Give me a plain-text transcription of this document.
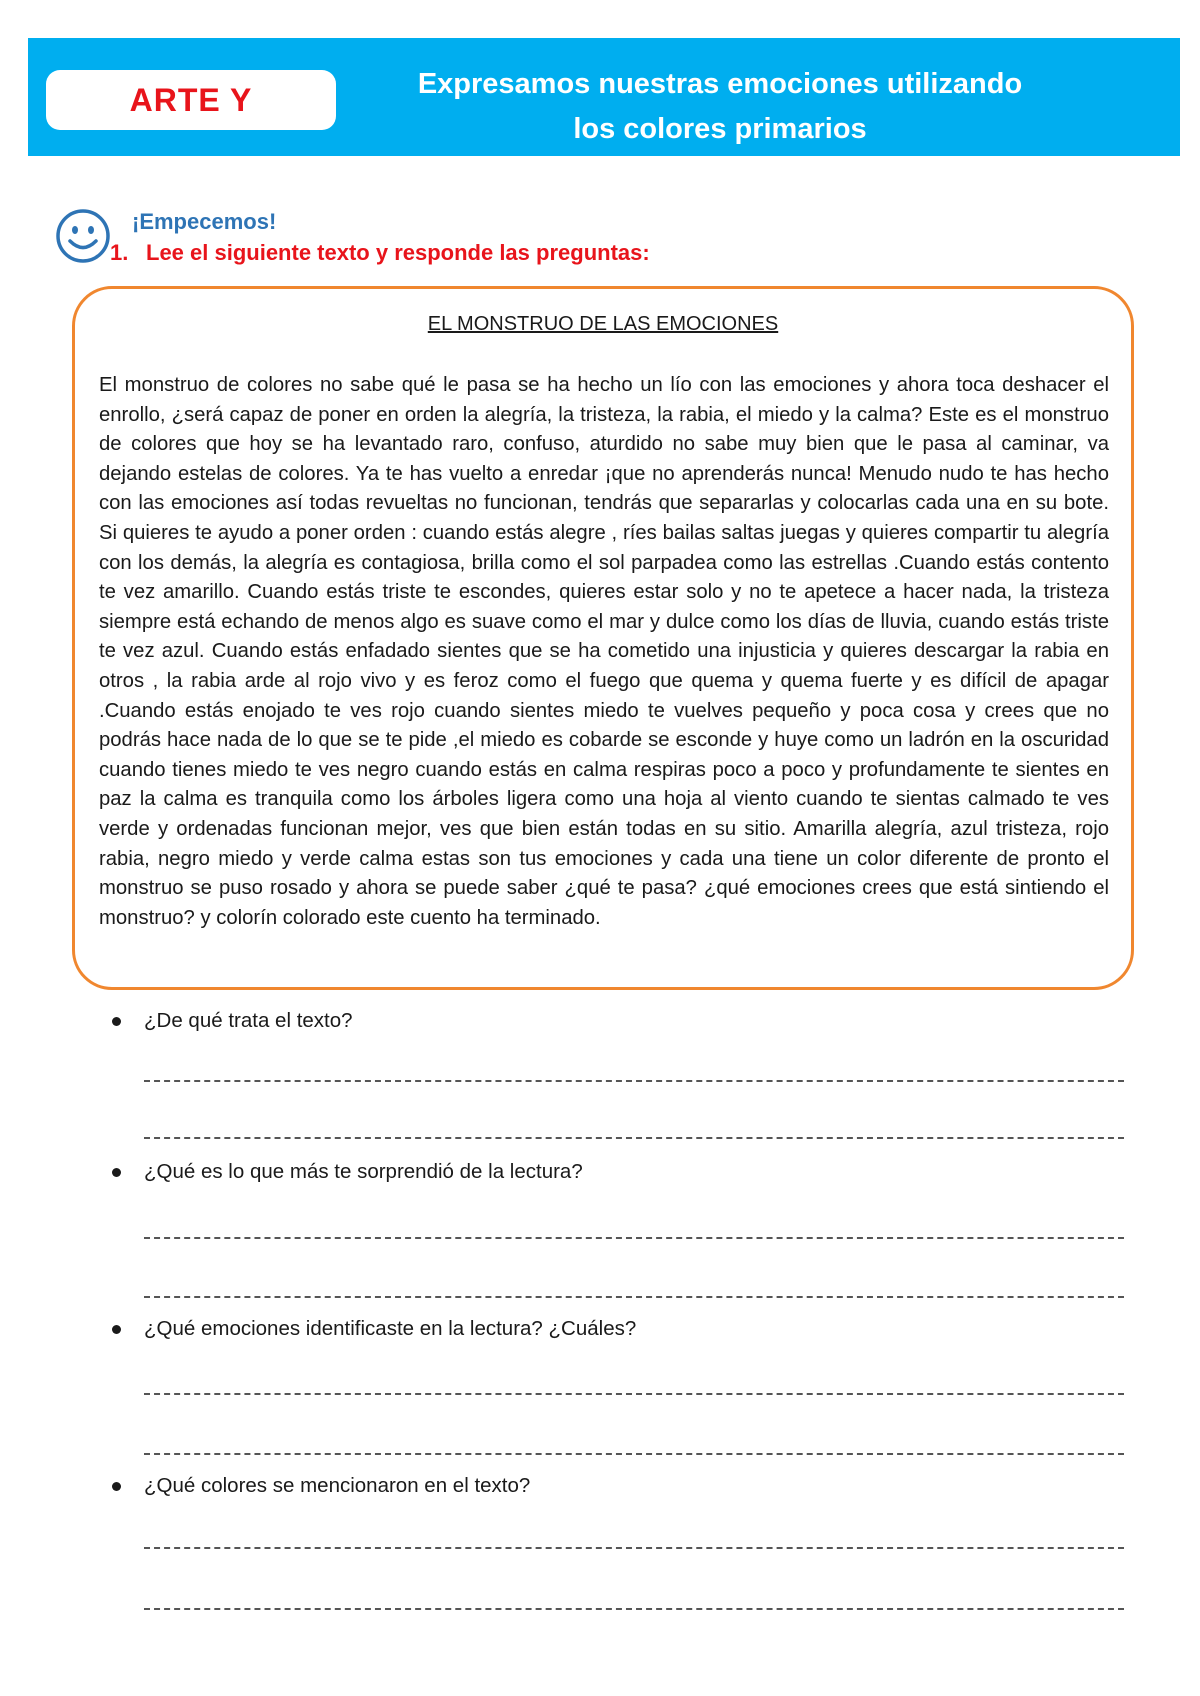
ARTE Y	Expresamos nuestras emociones utilizando
los colores primarios
¡Empecemos!
1. Lee el siguiente texto y responde las preguntas:
EL MONSTRUO DE LAS EMOCIONES
El monstruo de colores no sabe qué le pasa se ha hecho un lío con las emociones y ahora toca deshacer el enrollo, ¿será capaz de poner en orden la alegría, la tristeza, la rabia, el miedo y la calma? Este es el monstruo de colores que hoy se ha levantado raro, confuso, aturdido no sabe muy bien que le pasa al caminar, va dejando estelas de colores. Ya te has vuelto a enredar ¡que no aprenderás nunca! Menudo nudo te has hecho con las emociones así todas revueltas no funcionan, tendrás que separarlas y colocarlas cada una en su bote. Si quieres te ayudo a poner orden : cuando estás alegre , ríes bailas saltas juegas y quieres compartir tu alegría con los demás, la alegría es contagiosa, brilla como el sol parpadea como las estrellas .Cuando estás contento te vez amarillo. Cuando estás triste te escondes, quieres estar solo y no te apetece a hacer nada, la tristeza siempre está echando de menos algo es suave como el mar y dulce como los días de lluvia, cuando estás triste te vez azul. Cuando estás enfadado sientes que se ha cometido una injusticia y quieres descargar la rabia en otros , la rabia arde al rojo vivo y es feroz como el fuego que quema y quema fuerte y es difícil de apagar .Cuando estás enojado te ves rojo cuando sientes miedo te vuelves pequeño y poca cosa y crees que no podrás hace nada de lo que se te pide ,el miedo es cobarde se esconde y huye como un ladrón en la oscuridad cuando tienes miedo te ves negro cuando estás en calma respiras poco a poco y profundamente te sientes en paz la calma es tranquila como los árboles ligera como una hoja al viento cuando te sientas calmado te ves verde y ordenadas funcionan mejor, ves que bien están todas en su sitio. Amarilla alegría, azul tristeza, rojo rabia, negro miedo y verde calma estas son tus emociones y cada una tiene un color diferente de pronto el monstruo se puso rosado y ahora se puede saber ¿qué te pasa? ¿qué emociones crees que está sintiendo el monstruo? y colorín colorado este cuento ha terminado.
¿De qué trata el texto?
¿Qué es lo que más te sorprendió de la lectura?
¿Qué emociones identificaste en la lectura? ¿Cuáles?
¿Qué colores se mencionaron en el texto?
